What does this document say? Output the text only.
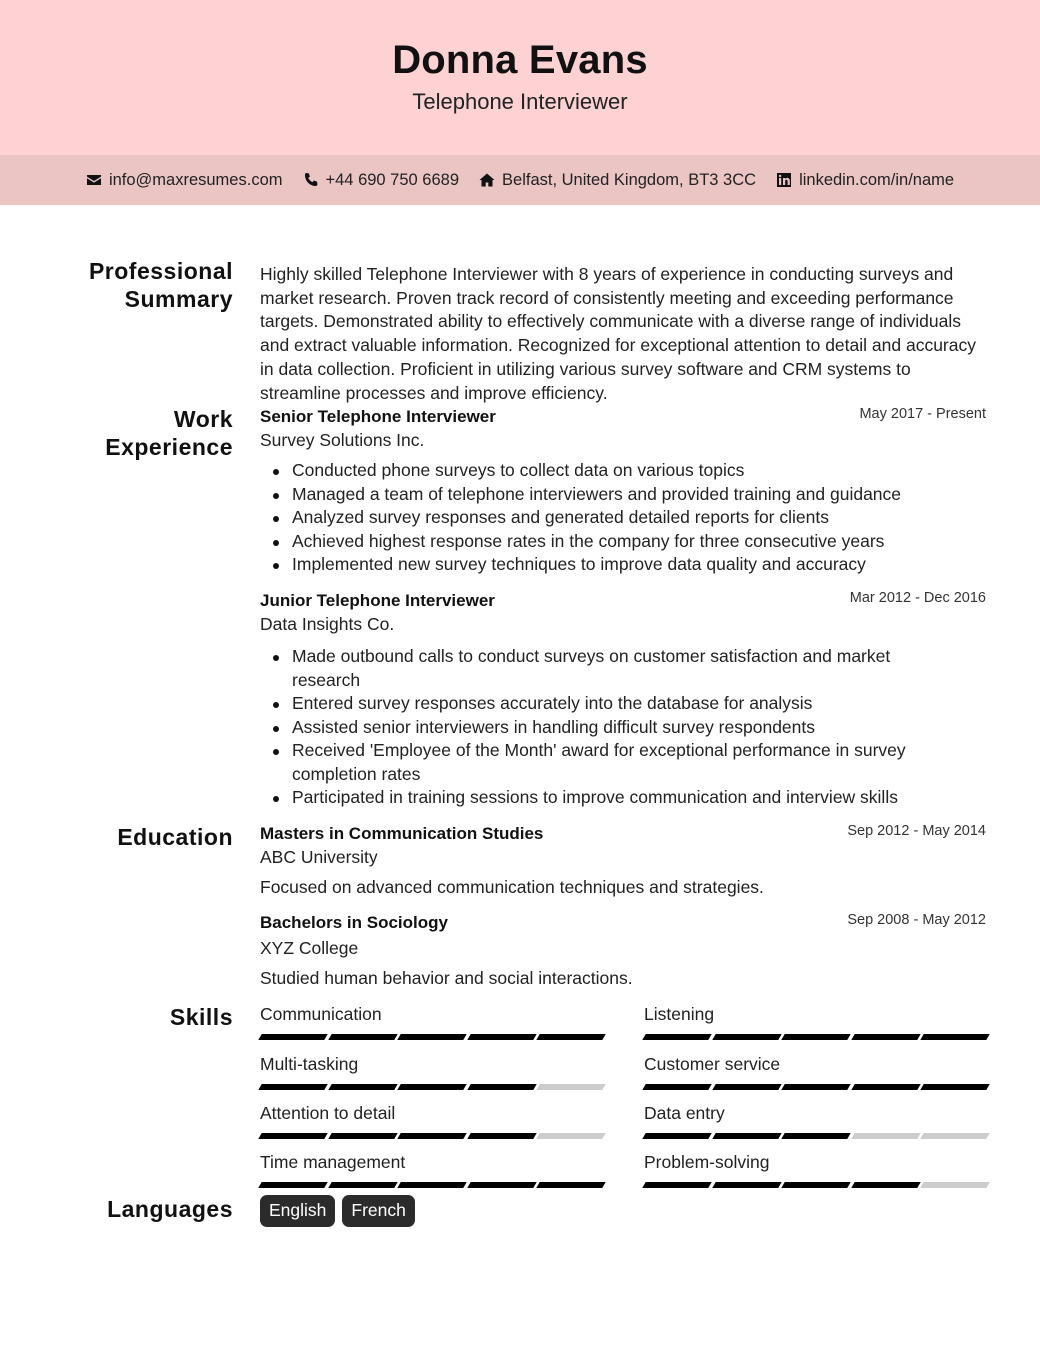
Donna Evans
Telephone Interviewer
info@maxresumes.com	+44 690 750 6689	Belfast, United Kingdom, BT3 3CC	linkedin.com/in/name
Professional
Summary
Highly skilled Telephone Interviewer with 8 years of experience in conducting surveys and market research. Proven track record of consistently meeting and exceeding performance targets. Demonstrated ability to effectively communicate with a diverse range of individuals and extract valuable information. Recognized for exceptional attention to detail and accuracy in data collection. Proficient in utilizing various survey software and CRM systems to streamline processes and improve efficiency.
Work
Experience
Senior Telephone Interviewer	May 2017 - Present
Survey Solutions Inc.
Conducted phone surveys to collect data on various topics
Managed a team of telephone interviewers and provided training and guidance
Analyzed survey responses and generated detailed reports for clients
Achieved highest response rates in the company for three consecutive years
Implemented new survey techniques to improve data quality and accuracy
Junior Telephone Interviewer	Mar 2012 - Dec 2016
Data Insights Co.
Made outbound calls to conduct surveys on customer satisfaction and market research
Entered survey responses accurately into the database for analysis
Assisted senior interviewers in handling difficult survey respondents
Received 'Employee of the Month' award for exceptional performance in survey completion rates
Participated in training sessions to improve communication and interview skills
Education Masters in Communication Studies	Sep 2012 - May 2014
ABC University
Focused on advanced communication techniques and strategies.
Bachelors in Sociology	Sep 2008 - May 2012
XYZ College
Studied human behavior and social interactions.
Skills Communication	Listening
Multi-tasking	Customer service
Attention to detail	Data entry
Time management	Problem-solving
Languages	English	French
